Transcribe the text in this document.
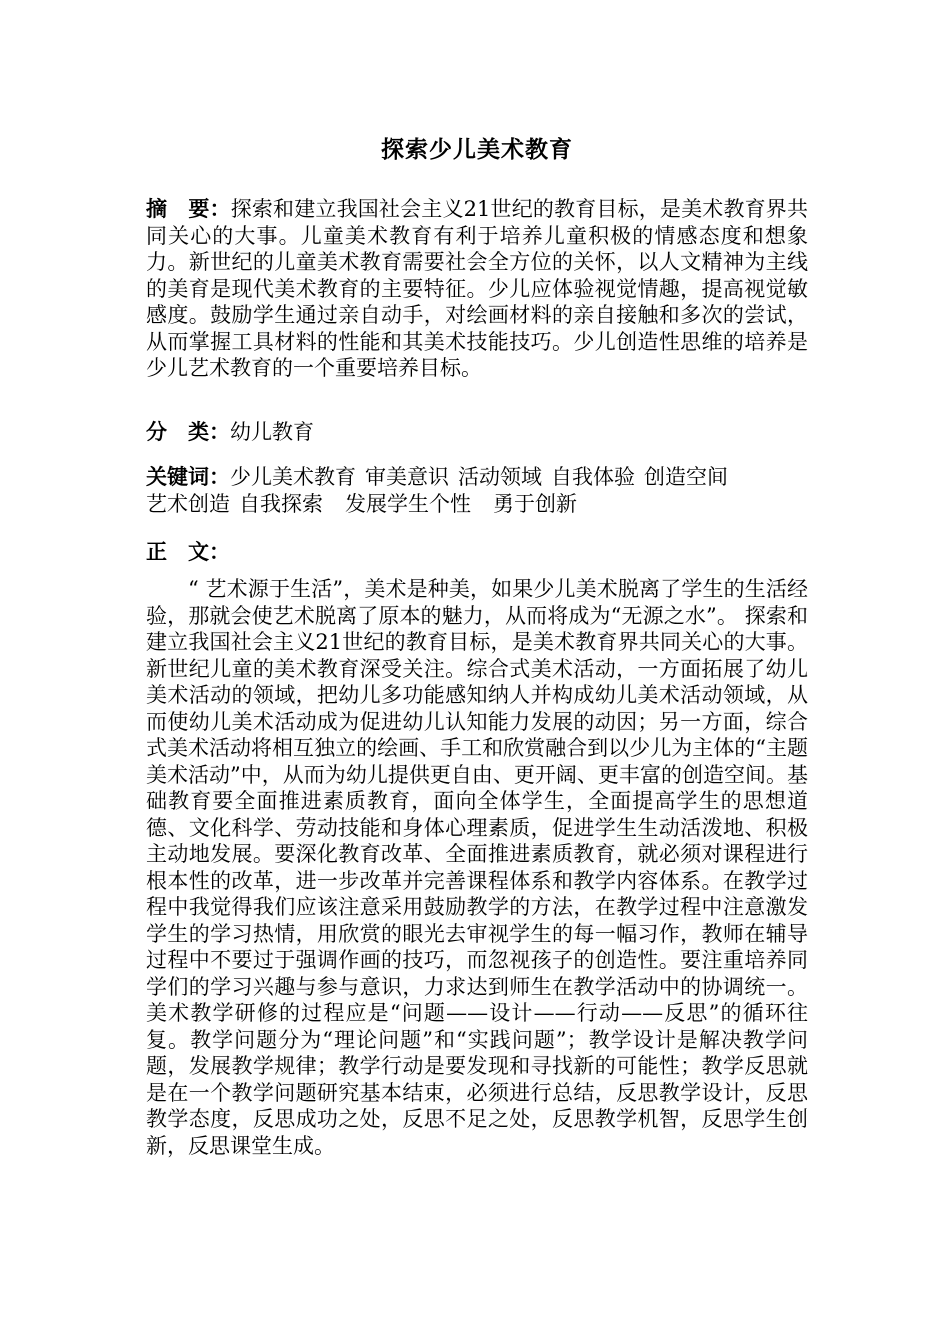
探索少儿美术教育
摘　要：探索和建立我国社会主义21世纪的教育目标，是美术教育界共同关心的大事。儿童美术教育有利于培养儿童积极的情感态度和想象力。新世纪的儿童美术教育需要社会全方位的关怀，以人文精神为主线的美育是现代美术教育的主要特征。少儿应体验视觉情趣，提高视觉敏感度。鼓励学生通过亲自动手，对绘画材料的亲自接触和多次的尝试，从而掌握工具材料的性能和其美术技能技巧。少儿创造性思维的培养是少儿艺术教育的一个重要培养目标。
分　类：幼儿教育
关键词：少儿美术教育 审美意识 活动领域 自我体验 创造空间
艺术创造 自我探索 发展学生个性 勇于创新
正　文：
“ 艺术源于生活”，美术是种美，如果少儿美术脱离了学生的生活经验，那就会使艺术脱离了原本的魅力，从而将成为“无源之水”。 探索和建立我国社会主义21世纪的教育目标，是美术教育界共同关心的大事。新世纪儿童的美术教育深受关注。综合式美术活动，一方面拓展了幼儿美术活动的领域，把幼儿多功能感知纳人并构成幼儿美术活动领域，从而使幼儿美术活动成为促进幼儿认知能力发展的动因；另一方面，综合式美术活动将相互独立的绘画、手工和欣赏融合到以少儿为主体的“主题美术活动”中，从而为幼儿提供更自由、更开阔、更丰富的创造空间。基础教育要全面推进素质教育，面向全体学生，全面提高学生的思想道德、文化科学、劳动技能和身体心理素质，促进学生生动活泼地、积极主动地发展。要深化教育改革、全面推进素质教育，就必须对课程进行根本性的改革，进一步改革并完善课程体系和教学内容体系。在教学过程中我觉得我们应该注意采用鼓励教学的方法，在教学过程中注意激发学生的学习热情，用欣赏的眼光去审视学生的每一幅习作，教师在辅导过程中不要过于强调作画的技巧，而忽视孩子的创造性。要注重培养同学们的学习兴趣与参与意识，力求达到师生在教学活动中的协调统一。美术教学研修的过程应是“问题——设计——行动——反思”的循环往复。教学问题分为“理论问题”和“实践问题”；教学设计是解决教学问题，发展教学规律；教学行动是要发现和寻找新的可能性；教学反思就是在一个教学问题研究基本结束，必须进行总结，反思教学设计，反思教学态度，反思成功之处，反思不足之处，反思教学机智，反思学生创新，反思课堂生成。
